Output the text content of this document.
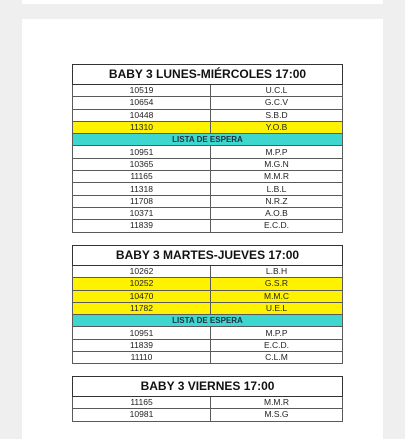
BABY 3 LUNES-MIÉRCOLES 17:00	
10519	U.C.L
10654	G.C.V
10448	S.B.D
11310	Y.O.B
LISTA DE ESPERA	
10951	M.P.P
10365	M.G.N
11165	M.M.R
11318	L.B.L
11708	N.R.Z
10371	A.O.B
11839	E.C.D.
BABY 3 MARTES-JUEVES 17:00	
10262	L.B.H
10252	G.S.R
10470	M.M.C
11782	U.E.L
LISTA DE ESPERA	
10951	M.P.P
11839	E.C.D.
11110	C.L.M
BABY 3 VIERNES 17:00	
11165	M.M.R
10981	M.S.G
